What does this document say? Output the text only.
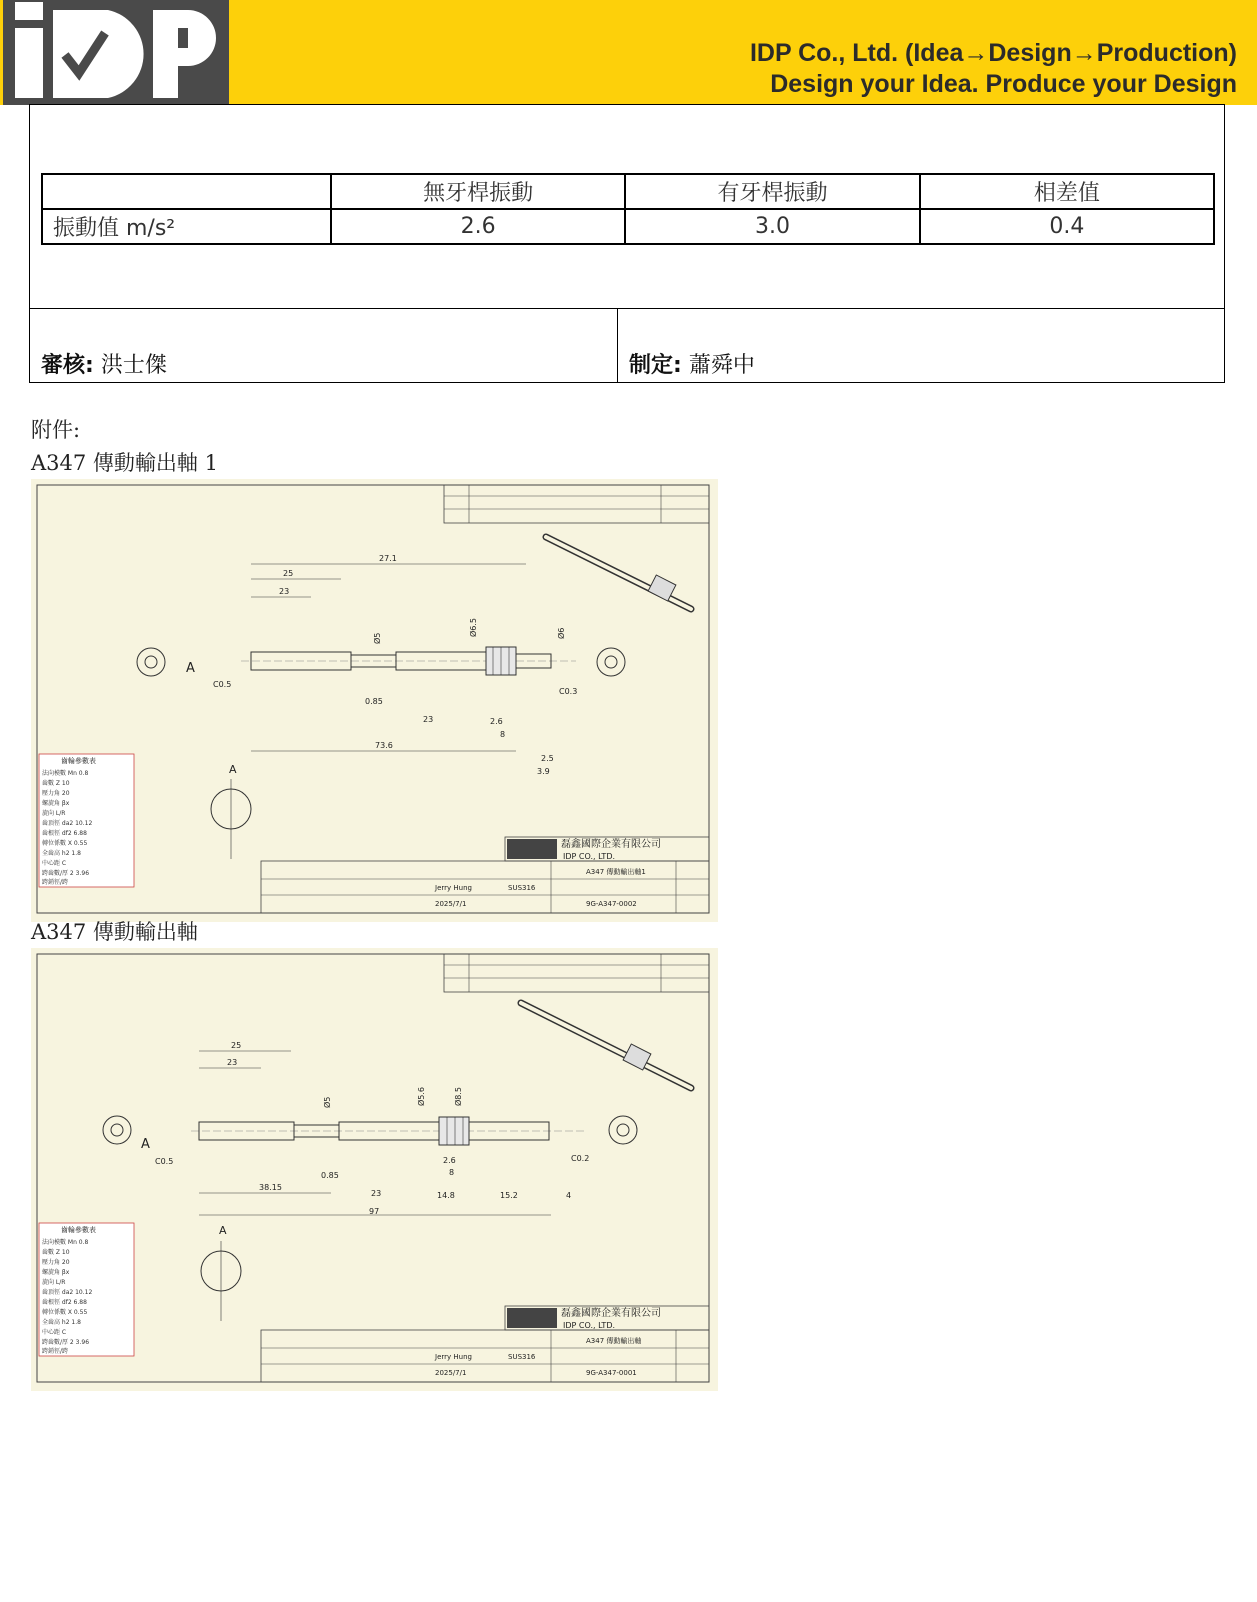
IDP Co., Ltd. (Idea→Design→Production)
Design your Idea. Produce your Design
	無牙桿振動	有牙桿振動	相差值
振動值 m/s²	2.6	3.0	0.4
審核: 洪士傑	制定: 蕭舜中
附件:
A347 傳動輸出軸 1
27.1
25
23
73.6
0.85
23	2.6
8
2.5
3.9
C0.5
C0.3
Ø6.5
Ø5	Ø6
A
A
齒輪參數表
法向模數 Mn 0.8
齒數 Z 10
壓力角 20
螺旋角 βx
旋向 L/R
齒頂徑 da2 10.12
齒根徑 df2 6.88
轉位係數 X 0.55
全齒高 h2 1.8
中心距 C
跨齒數/厚 2 3.96
跨銷徑/跨
磊鑫國際企業有限公司
IDP CO., LTD.
Jerry Hung	SUS316
2025/7/1
A347 傳動輸出軸1
9G-A347-0002
A347 傳動輸出軸
25
23
38.15
0.85
2.6
8
23	14.8	15.2	4
97
C0.5	C0.2
Ø5.6	Ø8.5
Ø5
A
A
齒輪參數表
法向模數 Mn 0.8
齒數 Z 10
壓力角 20
螺旋角 βx
旋向 L/R
齒頂徑 da2 10.12
齒根徑 df2 6.88
轉位係數 X 0.55
全齒高 h2 1.8
中心距 C
跨齒數/厚 2 3.96
跨銷徑/跨
磊鑫國際企業有限公司
IDP CO., LTD.
Jerry Hung	SUS316
2025/7/1
A347 傳動輸出軸
9G-A347-0001
